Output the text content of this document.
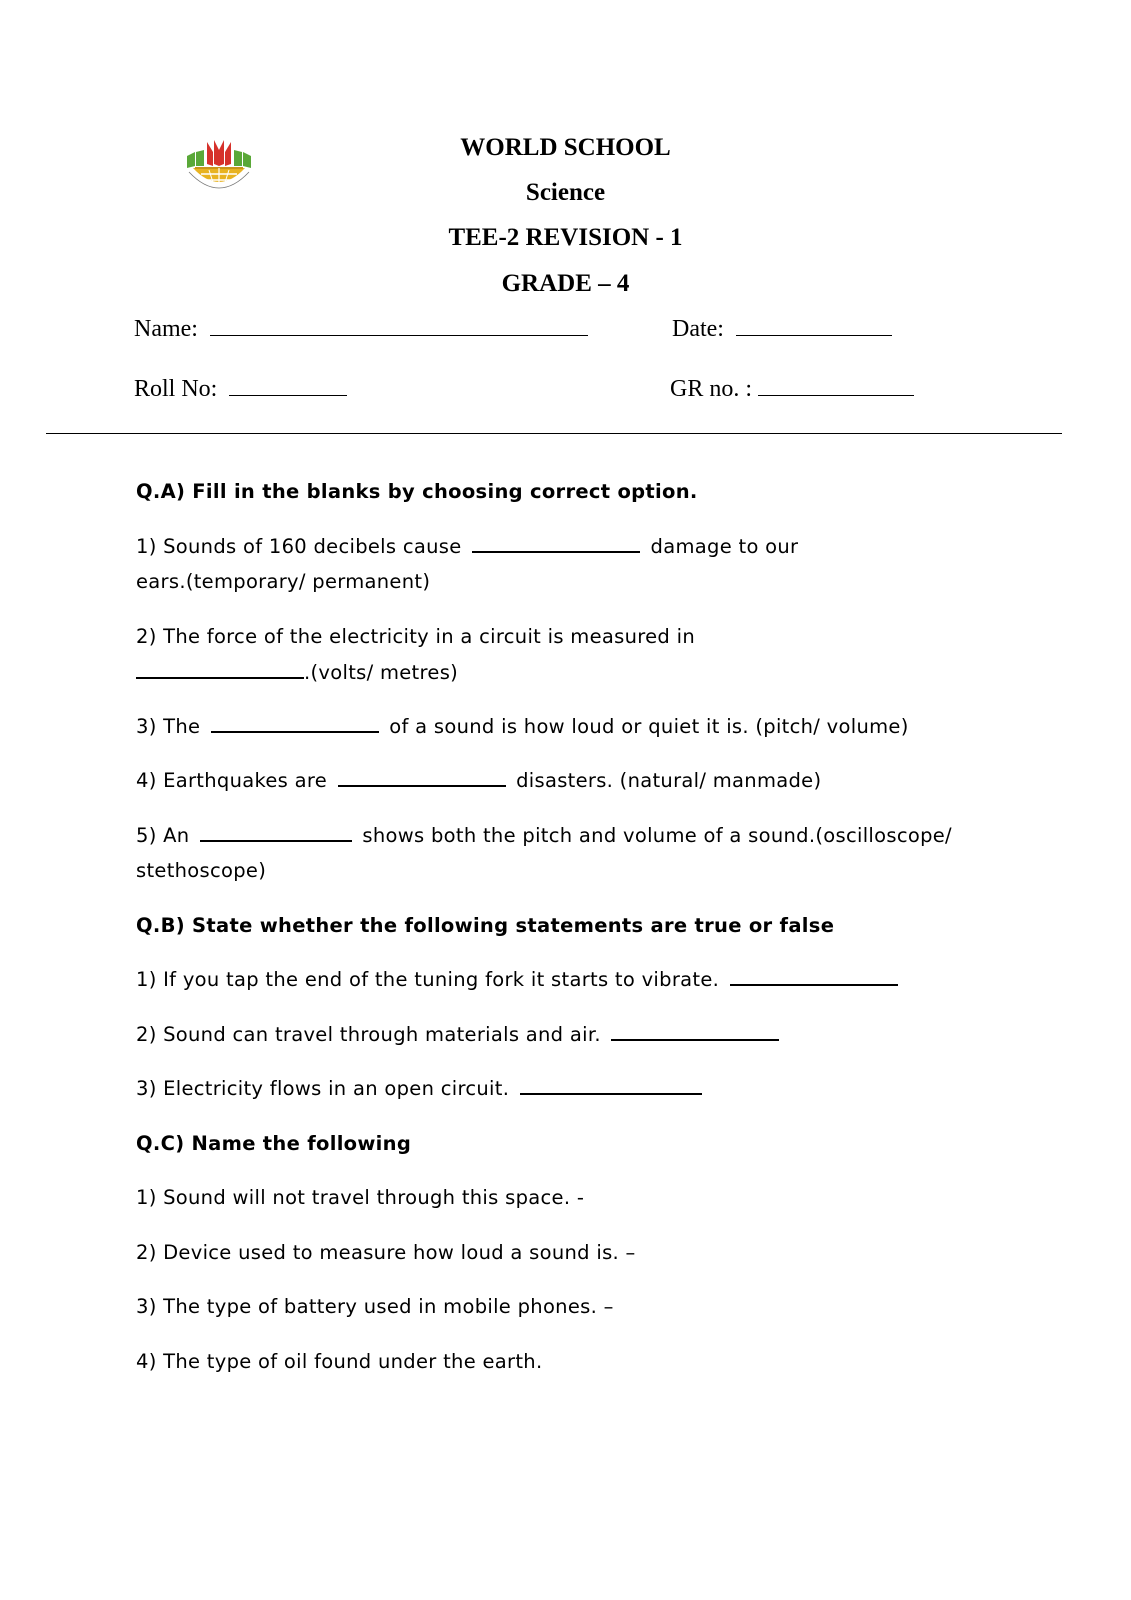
WORLD SCHOOL
Science
TEE-2 REVISION - 1
GRADE – 4
Name:	Date:
Roll No:	GR no. :
Q.A) Fill in the blanks by choosing correct option.
1) Sounds of 160 decibels cause	damage to our
ears.(temporary/ permanent)
2) The force of the electricity in a circuit is measured in
.(volts/ metres)
3) The	of a sound is how loud or quiet it is. (pitch/ volume)
4) Earthquakes are	disasters. (natural/ manmade)
5) An	shows both the pitch and volume of a sound.(oscilloscope/
stethoscope)
Q.B) State whether the following statements are true or false
1) If you tap the end of the tuning fork it starts to vibrate.
2) Sound can travel through materials and air.
3) Electricity flows in an open circuit.
Q.C) Name the following
1) Sound will not travel through this space. -
2) Device used to measure how loud a sound is. –
3) The type of battery used in mobile phones. –
4) The type of oil found under the earth.
